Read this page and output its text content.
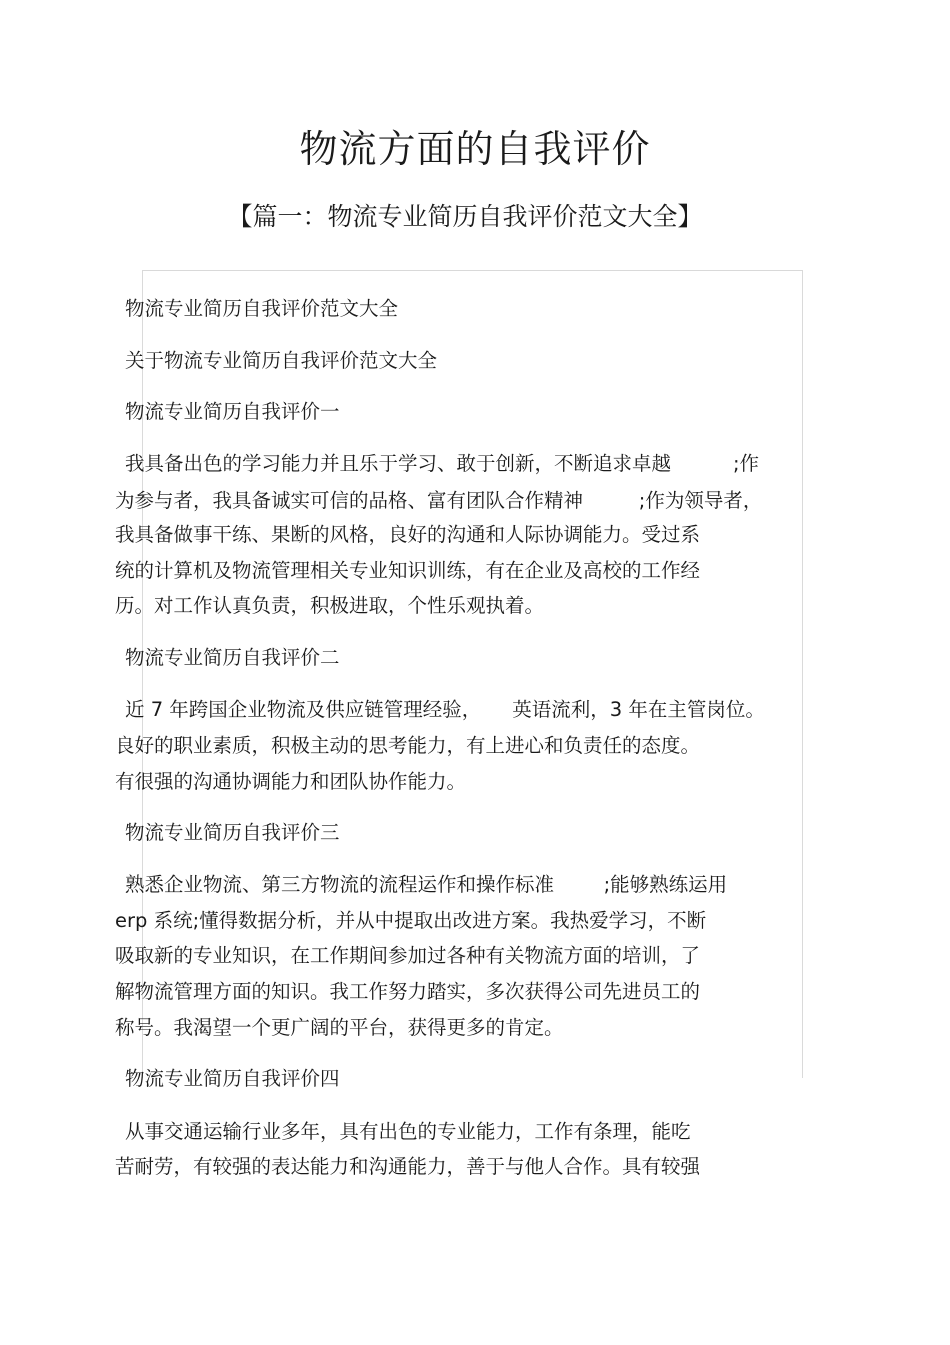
物流方面的自我评价
【篇一：物流专业简历自我评价范文大全】
物流专业简历自我评价范文大全
关于物流专业简历自我评价范文大全
物流专业简历自我评价一
我具备出色的学习能力并且乐于学习、敢于创新，不断追求卓越          ;作
为参与者，我具备诚实可信的品格、富有团队合作精神         ;作为领导者，
我具备做事干练、果断的风格，良好的沟通和人际协调能力。受过系
统的计算机及物流管理相关专业知识训练，有在企业及高校的工作经
历。对工作认真负责，积极进取，个性乐观执着。
物流专业简历自我评价二
近 7 年跨国企业物流及供应链管理经验，     英语流利，3 年在主管岗位。
良好的职业素质，积极主动的思考能力，有上进心和负责任的态度。
有很强的沟通协调能力和团队协作能力。
物流专业简历自我评价三
熟悉企业物流、第三方物流的流程运作和操作标准        ;能够熟练运用
erp 系统;懂得数据分析，并从中提取出改进方案。我热爱学习，不断
吸取新的专业知识，在工作期间参加过各种有关物流方面的培训，了
解物流管理方面的知识。我工作努力踏实，多次获得公司先进员工的
称号。我渴望一个更广阔的平台，获得更多的肯定。
物流专业简历自我评价四
从事交通运输行业多年，具有出色的专业能力，工作有条理，能吃
苦耐劳，有较强的表达能力和沟通能力，善于与他人合作。具有较强
